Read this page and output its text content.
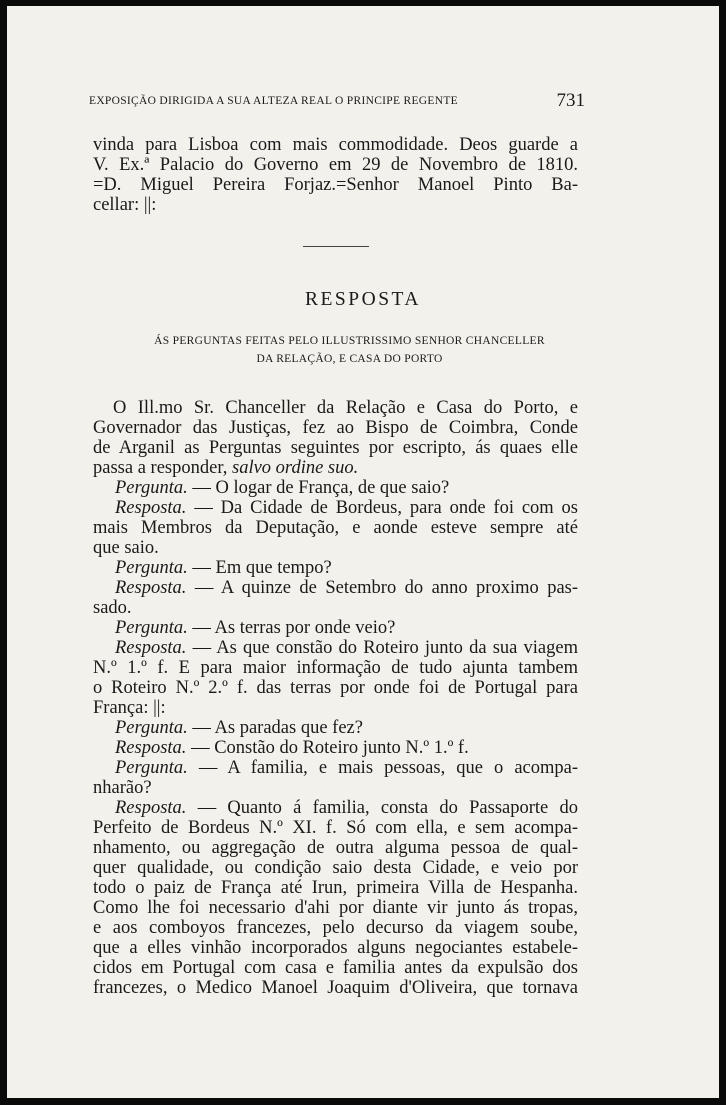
EXPOSIÇÃO DIRIGIDA A SUA ALTEZA REAL O PRINCIPE REGENTE	731
vinda para Lisboa com mais commodidade. Deos guarde a
V. Ex.ª Palacio do Governo em 29 de Novembro de 1810.
=D. Miguel Pereira Forjaz.=Senhor Manoel Pinto Ba-
cellar: ||:
RESPOSTA
ÁS PERGUNTAS FEITAS PELO ILLUSTRISSIMO SENHOR CHANCELLER
DA RELAÇÃO, E CASA DO PORTO
O Ill.mo Sr. Chanceller da Relação e Casa do Porto, e
Governador das Justiças, fez ao Bispo de Coimbra, Conde
de Arganil as Perguntas seguintes por escripto, ás quaes elle
passa a responder, salvo ordine suo.
Pergunta. — O logar de França, de que saio?
Resposta. — Da Cidade de Bordeus, para onde foi com os
mais Membros da Deputação, e aonde esteve sempre até
que saio.
Pergunta. — Em que tempo?
Resposta. — A quinze de Setembro do anno proximo pas-
sado.
Pergunta. — As terras por onde veio?
Resposta. — As que constão do Roteiro junto da sua viagem
N.º 1.º f. E para maior informação de tudo ajunta tambem
o Roteiro N.º 2.º f. das terras por onde foi de Portugal para
França: ||:
Pergunta. — As paradas que fez?
Resposta. — Constão do Roteiro junto N.º 1.º f.
Pergunta. — A familia, e mais pessoas, que o acompa-
nharão?
Resposta. — Quanto á familia, consta do Passaporte do
Perfeito de Bordeus N.º XI. f. Só com ella, e sem acompa-
nhamento, ou aggregação de outra alguma pessoa de qual-
quer qualidade, ou condição saio desta Cidade, e veio por
todo o paiz de França até Irun, primeira Villa de Hespanha.
Como lhe foi necessario d'ahi por diante vir junto ás tropas,
e aos comboyos francezes, pelo decurso da viagem soube,
que a elles vinhão incorporados alguns negociantes estabele-
cidos em Portugal com casa e familia antes da expulsão dos
francezes, o Medico Manoel Joaquim d'Oliveira, que tornava
